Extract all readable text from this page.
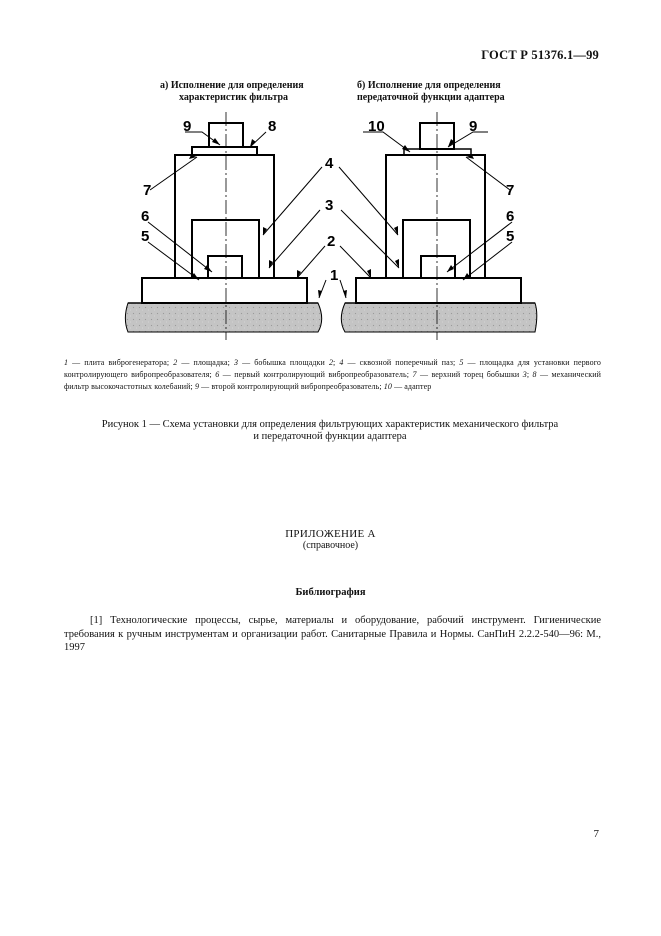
ГОСТ Р 51376.1—99
а) Исполнение для определения
характеристик фильтра
б) Исполнение для определения
передаточной функции адаптера
9	8
7
6
5
4
3
2
1
10	9
7
6
5
1 — плита виброгенератора; 2 — площадка; 3 — бобышка площадки 2; 4 — сквозной поперечный паз; 5 — площадка для установки первого контролирующего вибропреобразователя; 6 — первый контролирующий вибропреобразователь; 7 — верхний торец бобышки 3; 8 — механический фильтр высокочастотных колебаний; 9 — второй контролирующий вибропреобразователь; 10 — адаптер
Рисунок 1 — Схема установки для определения фильтрующих характеристик механического фильтра
и передаточной функции адаптера
ПРИЛОЖЕНИЕ А
(справочное)
Библиография
[1] Технологические процессы, сырье, материалы и оборудование, рабочий инструмент. Гигиенические требования к ручным инструментам и организации работ. Санитарные Правила и Нормы. СанПиН 2.2.2-540—96: М., 1997
7
